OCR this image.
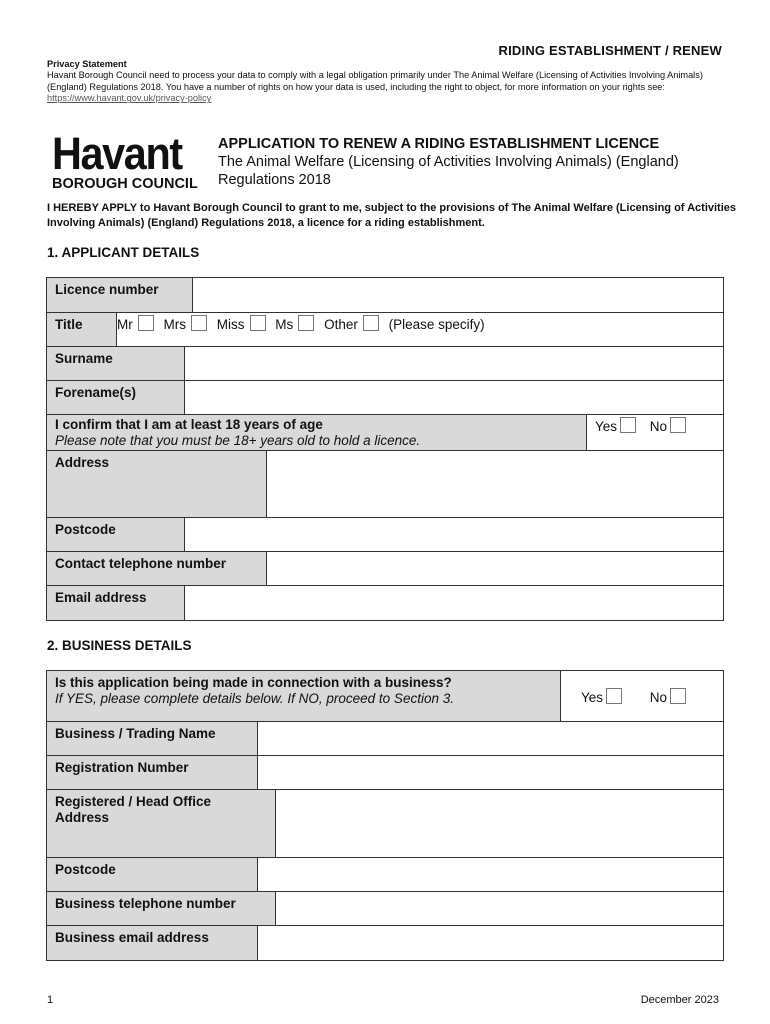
RIDING ESTABLISHMENT / RENEW
Privacy Statement
Havant Borough Council need to process your data to comply with a legal obligation primarily under The Animal Welfare (Licensing of Activities Involving Animals) (England) Regulations 2018. You have a number of rights on how your data is used, including the right to object, for more information on your rights see: https://www.havant.gov.uk/privacy-policy
Havant
BOROUGH COUNCIL
APPLICATION TO RENEW A RIDING ESTABLISHMENT LICENCE
The Animal Welfare (Licensing of Activities Involving Animals) (England) Regulations 2018
I HEREBY APPLY to Havant Borough Council to grant to me, subject to the provisions of The Animal Welfare (Licensing of Activities Involving Animals) (England) Regulations 2018, a licence for a riding establishment.
1. APPLICANT DETAILS
Licence number	
Title	Mr Mrs Miss Ms Other (Please specify)
Surname	
Forename(s)	
I confirm that I am at least 18 years of age
Please note that you must be 18+ years old to hold a licence.
	Yes No
Address	
Postcode	
Contact telephone number	
Email address	
2. BUSINESS DETAILS
Is this application being made in connection with a business?
If YES, please complete details below. If NO, proceed to Section 3.	Yes	No
Business / Trading Name	
Registration Number	
Registered / Head Office Address	
Postcode	
Business telephone number	
Business email address	
1	December 2023
